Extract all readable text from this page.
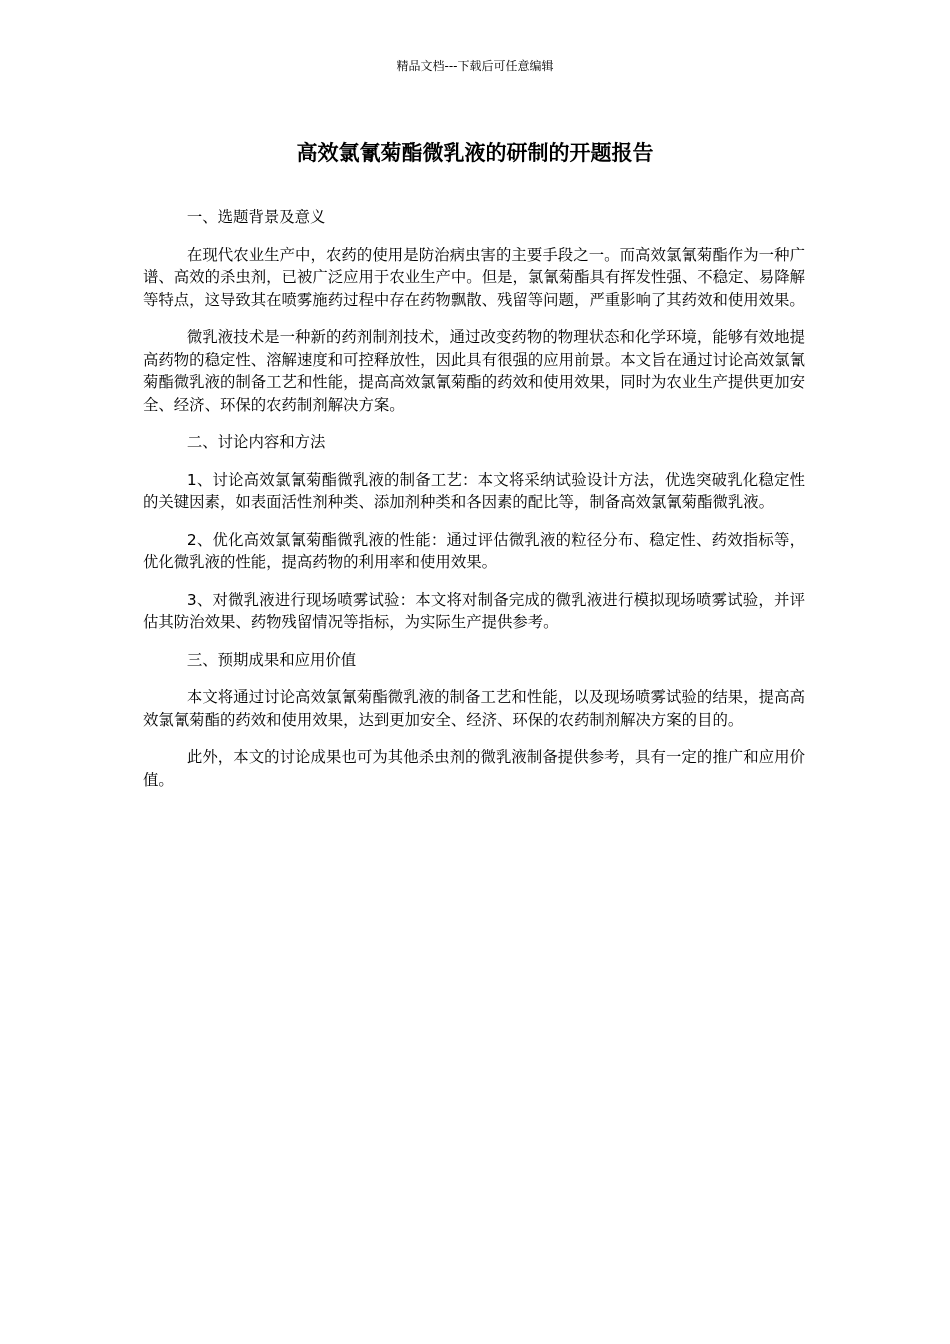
精品文档---下载后可任意编辑
高效氯氰菊酯微乳液的研制的开题报告

一、选题背景及意义

在现代农业生产中，农药的使用是防治病虫害的主要手段之一。而高效氯氰菊酯作为一种广谱、高效的杀虫剂，已被广泛应用于农业生产中。但是，氯氰菊酯具有挥发性强、不稳定、易降解等特点，这导致其在喷雾施药过程中存在药物飘散、残留等问题，严重影响了其药效和使用效果。

微乳液技术是一种新的药剂制剂技术，通过改变药物的物理状态和化学环境，能够有效地提高药物的稳定性、溶解速度和可控释放性，因此具有很强的应用前景。本文旨在通过讨论高效氯氰菊酯微乳液的制备工艺和性能，提高高效氯氰菊酯的药效和使用效果，同时为农业生产提供更加安全、经济、环保的农药制剂解决方案。

二、讨论内容和方法

1、讨论高效氯氰菊酯微乳液的制备工艺：本文将采纳试验设计方法，优选突破乳化稳定性的关键因素，如表面活性剂种类、添加剂种类和各因素的配比等，制备高效氯氰菊酯微乳液。

2、优化高效氯氰菊酯微乳液的性能：通过评估微乳液的粒径分布、稳定性、药效指标等，优化微乳液的性能，提高药物的利用率和使用效果。

3、对微乳液进行现场喷雾试验：本文将对制备完成的微乳液进行模拟现场喷雾试验，并评估其防治效果、药物残留情况等指标，为实际生产提供参考。

三、预期成果和应用价值

本文将通过讨论高效氯氰菊酯微乳液的制备工艺和性能，以及现场喷雾试验的结果，提高高效氯氰菊酯的药效和使用效果，达到更加安全、经济、环保的农药制剂解决方案的目的。

此外，本文的讨论成果也可为其他杀虫剂的微乳液制备提供参考，具有一定的推广和应用价值。
